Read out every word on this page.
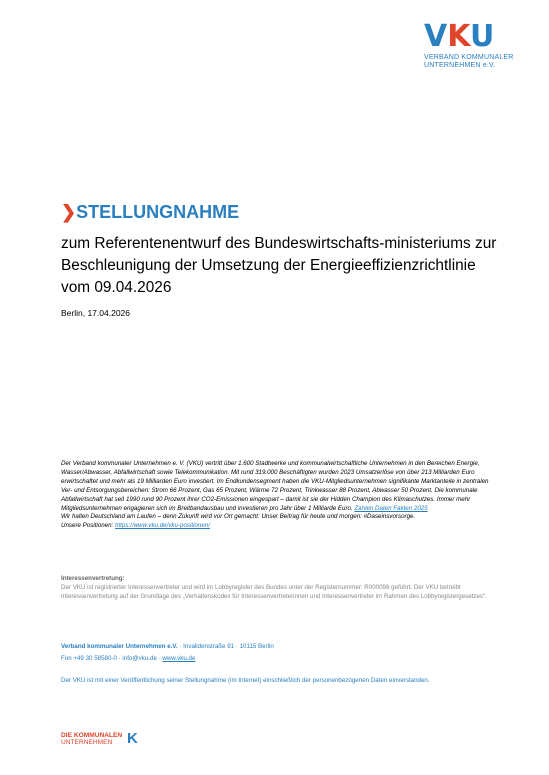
VKU
VERBAND KOMMUNALER
UNTERNEHMEN e.V.
❯STELLUNGNAHME
zum Referentenentwurf des Bundeswirtschafts-ministeriums zur Beschleunigung der Umsetzung der Energieeffizienzrichtlinie vom 09.04.2026
Berlin, 17.04.2026
Der Verband kommunaler Unternehmen e. V. (VKU) vertritt über 1.600 Stadtwerke und kommunalwirtschaftliche Unternehmen in den Bereichen Energie, Wasser/Abwasser, Abfallwirtschaft sowie Telekommunikation. Mit rund 319.000 Beschäftigten wurden 2023 Umsatzerlöse von über 213 Milliarden Euro erwirtschaftet und mehr als 19 Milliarden Euro investiert. Im Endkundensegment haben die VKU-Mitgliedsunternehmen signifikante Marktanteile in zentralen Ver- und Entsorgungsbereichen: Strom 66 Prozent, Gas 65 Prozent, Wärme 72 Prozent, Trinkwasser 88 Prozent, Abwasser 50 Prozent. Die kommunale Abfallwirtschaft hat seit 1990 rund 90 Prozent ihrer CO2-Emissionen eingespart – damit ist sie der Hidden Champion des Klimaschutzes. Immer mehr Mitgliedsunternehmen engagieren sich im Breitbandausbau und investieren pro Jahr über 1 Milliarde Euro. Zahlen Daten Fakten 2025
Wir halten Deutschland am Laufen – denn Zukunft wird vor Ort gemacht: Unser Beitrag für heute und morgen: #Daseinsvorsorge.
Unsere Positionen: https://www.vku.de/vku-positionen/
Interessenvertretung:
Der VKU ist registrierter Interessenvertreter und wird im Lobbyregister des Bundes unter der Registernummer: R000098 geführt. Der VKU betreibt Interessenvertretung auf der Grundlage des „Verhaltenskodex für Interessenvertreterinnen und Interessenvertreter im Rahmen des Lobbyregistergesetzes".
Verband kommunaler Unternehmen e.V. · Invalidenstraße 91 · 10115 Berlin
Fon +49 30 58580-0 · info@vku.de · www.vku.de
Der VKU ist mit einer Veröffentlichung seiner Stellungnahme (im Internet) einschließlich der personenbezogenen Daten einverstanden.
DIE KOMMUNALEN
UNTERNEHMEN K
